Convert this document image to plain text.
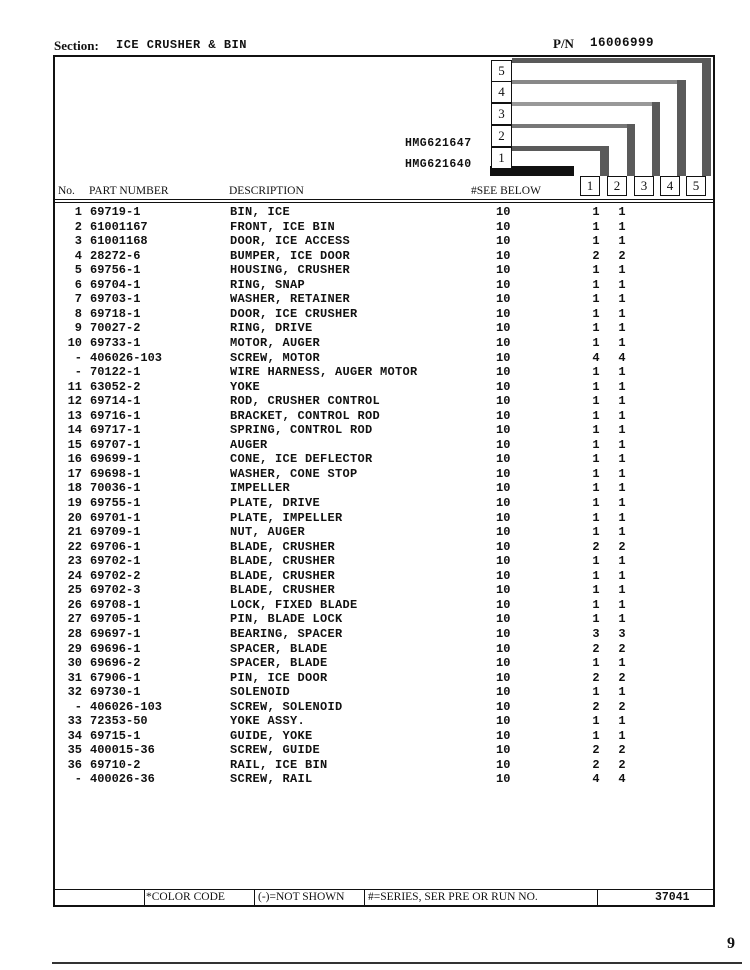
Section: ICE CRUSHER & BIN	P/N 16006999
5
4
3
2
1
1	2	3	4	5
HMG621647
HMG621640
No. PART NUMBER	DESCRIPTION	#SEE BELOW
1 69719-1	BIN, ICE	10	1 1
2 61001167	FRONT, ICE BIN	10	1 1
3 61001168	DOOR, ICE ACCESS	10	1 1
4 28272-6	BUMPER, ICE DOOR	10	2 2
5 69756-1	HOUSING, CRUSHER	10	1 1
6 69704-1	RING, SNAP	10	1 1
7 69703-1	WASHER, RETAINER	10	1 1
8 69718-1	DOOR, ICE CRUSHER	10	1 1
9 70027-2	RING, DRIVE	10	1 1
10 69733-1	MOTOR, AUGER	10	1 1
- 406026-103	SCREW, MOTOR	10	4 4
- 70122-1	WIRE HARNESS, AUGER MOTOR	10	1 1
11 63052-2	YOKE	10	1 1
12 69714-1	ROD, CRUSHER CONTROL	10	1 1
13 69716-1	BRACKET, CONTROL ROD	10	1 1
14 69717-1	SPRING, CONTROL ROD	10	1 1
15 69707-1	AUGER	10	1 1
16 69699-1	CONE, ICE DEFLECTOR	10	1 1
17 69698-1	WASHER, CONE STOP	10	1 1
18 70036-1	IMPELLER	10	1 1
19 69755-1	PLATE, DRIVE	10	1 1
20 69701-1	PLATE, IMPELLER	10	1 1
21 69709-1	NUT, AUGER	10	1 1
22 69706-1	BLADE, CRUSHER	10	2 2
23 69702-1	BLADE, CRUSHER	10	1 1
24 69702-2	BLADE, CRUSHER	10	1 1
25 69702-3	BLADE, CRUSHER	10	1 1
26 69708-1	LOCK, FIXED BLADE	10	1 1
27 69705-1	PIN, BLADE LOCK	10	1 1
28 69697-1	BEARING, SPACER	10	3 3
29 69696-1	SPACER, BLADE	10	2 2
30 69696-2	SPACER, BLADE	10	1 1
31 67906-1	PIN, ICE DOOR	10	2 2
32 69730-1	SOLENOID	10	1 1
- 406026-103	SCREW, SOLENOID	10	2 2
33 72353-50	YOKE ASSY.	10	1 1
34 69715-1	GUIDE, YOKE	10	1 1
35 400015-36	SCREW, GUIDE	10	2 2
36 69710-2	RAIL, ICE BIN	10	2 2
- 400026-36	SCREW, RAIL	10	4 4
*COLOR CODE	(-)=NOT SHOWN #=SERIES, SER PRE OR RUN NO.	37041
9
